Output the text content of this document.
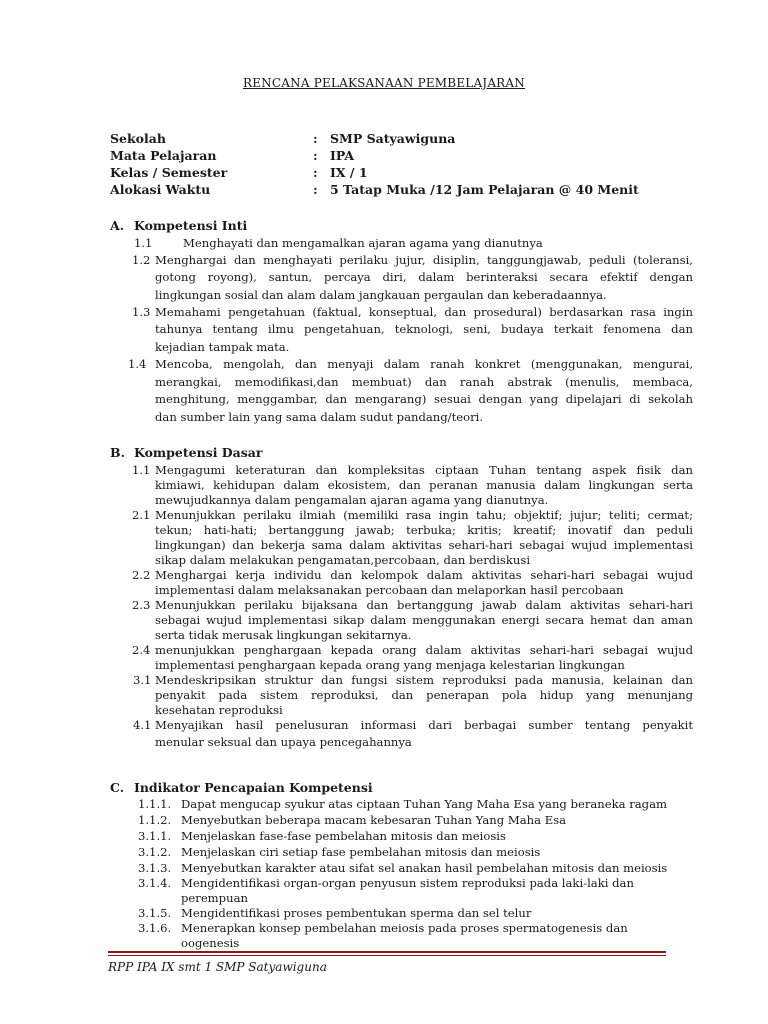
RENCANA PELAKSANAAN PEMBELAJARAN
Sekolah	: SMP Satyawiguna
Mata Pelajaran	: IPA
Kelas / Semester	: IX / 1
Alokasi Waktu	: 5 Tatap Muka /12 Jam Pelajaran @ 40 Menit
A. Kompetensi Inti
1.1	Menghayati dan mengamalkan ajaran agama yang dianutnya
1.2 Menghargai dan menghayati perilaku jujur, disiplin, tanggungjawab, peduli (toleransi,
gotong royong), santun, percaya diri, dalam berinteraksi secara efektif dengan
lingkungan sosial dan alam dalam jangkauan pergaulan dan keberadaannya.
1.3 Memahami pengetahuan (faktual, konseptual, dan prosedural) berdasarkan rasa ingin
tahunya tentang ilmu pengetahuan, teknologi, seni, budaya terkait fenomena dan
kejadian tampak mata.
1.4 Mencoba, mengolah, dan menyaji dalam ranah konkret (menggunakan, mengurai,
merangkai, memodifikasi,dan membuat) dan ranah abstrak (menulis, membaca,
menghitung, menggambar, dan mengarang) sesuai dengan yang dipelajari di sekolah
dan sumber lain yang sama dalam sudut pandang/teori.
B. Kompetensi Dasar
1.1 Mengagumi keteraturan dan kompleksitas ciptaan Tuhan tentang aspek fisik dan
kimiawi, kehidupan dalam ekosistem, dan peranan manusia dalam lingkungan serta
mewujudkannya dalam pengamalan ajaran agama yang dianutnya.
2.1 Menunjukkan perilaku ilmiah (memiliki rasa ingin tahu; objektif; jujur; teliti; cermat;
tekun; hati-hati; bertanggung jawab; terbuka; kritis; kreatif; inovatif dan peduli
lingkungan) dan bekerja sama dalam aktivitas sehari-hari sebagai wujud implementasi
sikap dalam melakukan pengamatan,percobaan, dan berdiskusi
2.2 Menghargai kerja individu dan kelompok dalam aktivitas sehari-hari sebagai wujud
implementasi dalam melaksanakan percobaan dan melaporkan hasil percobaan
2.3 Menunjukkan perilaku bijaksana dan bertanggung jawab dalam aktivitas sehari-hari
sebagai wujud implementasi sikap dalam menggunakan energi secara hemat dan aman
serta tidak merusak lingkungan sekitarnya.
2.4 menunjukkan penghargaan kepada orang dalam aktivitas sehari-hari sebagai wujud
implementasi penghargaan kepada orang yang menjaga kelestarian lingkungan
3.1 Mendeskripsikan struktur dan fungsi sistem reproduksi pada manusia, kelainan dan
penyakit pada sistem reproduksi, dan penerapan pola hidup yang menunjang
kesehatan reproduksi
4.1 Menyajikan hasil penelusuran informasi dari berbagai sumber tentang penyakit
menular seksual dan upaya pencegahannya
C. Indikator Pencapaian Kompetensi
1.1.1. Dapat mengucap syukur atas ciptaan Tuhan Yang Maha Esa yang beraneka ragam
1.1.2. Menyebutkan beberapa macam kebesaran Tuhan Yang Maha Esa
3.1.1. Menjelaskan fase-fase pembelahan mitosis dan meiosis
3.1.2. Menjelaskan ciri setiap fase pembelahan mitosis dan meiosis
3.1.3. Menyebutkan karakter atau sifat sel anakan hasil pembelahan mitosis dan meiosis
3.1.4. Mengidentifikasi organ-organ penyusun sistem reproduksi pada laki-laki dan
perempuan
3.1.5. Mengidentifikasi proses pembentukan sperma dan sel telur
3.1.6. Menerapkan konsep pembelahan meiosis pada proses spermatogenesis dan
oogenesis
RPP IPA IX smt 1 SMP Satyawiguna
